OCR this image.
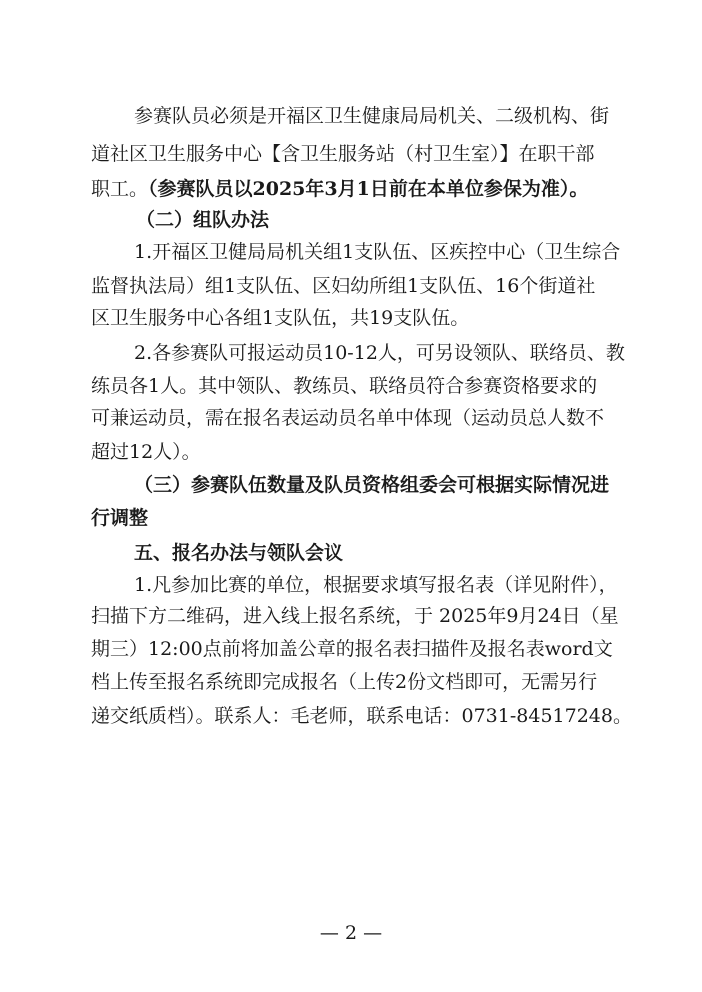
参赛队员必须是开福区卫生健康局局机关、二级机构、街
道社区卫生服务中心【含卫生服务站（村卫生室）】在职干部
职工。（参赛队员以2025年3月1日前在本单位参保为准）。
（二）组队办法
1.开福区卫健局局机关组1支队伍、区疾控中心（卫生综合
监督执法局）组1支队伍、区妇幼所组1支队伍、16个街道社
区卫生服务中心各组1支队伍，共19支队伍。
2.各参赛队可报运动员10-12人，可另设领队、联络员、教
练员各1人。其中领队、教练员、联络员符合参赛资格要求的
可兼运动员，需在报名表运动员名单中体现（运动员总人数不
超过12人）。
（三）参赛队伍数量及队员资格组委会可根据实际情况进
行调整
五、报名办法与领队会议
1.凡参加比赛的单位，根据要求填写报名表（详见附件），
扫描下方二维码，进入线上报名系统，于 2025年9月24日（星
期三）12:00点前将加盖公章的报名表扫描件及报名表word文
档上传至报名系统即完成报名（上传2份文档即可，无需另行
递交纸质档）。联系人：毛老师，联系电话：0731-84517248。
— 2 —
